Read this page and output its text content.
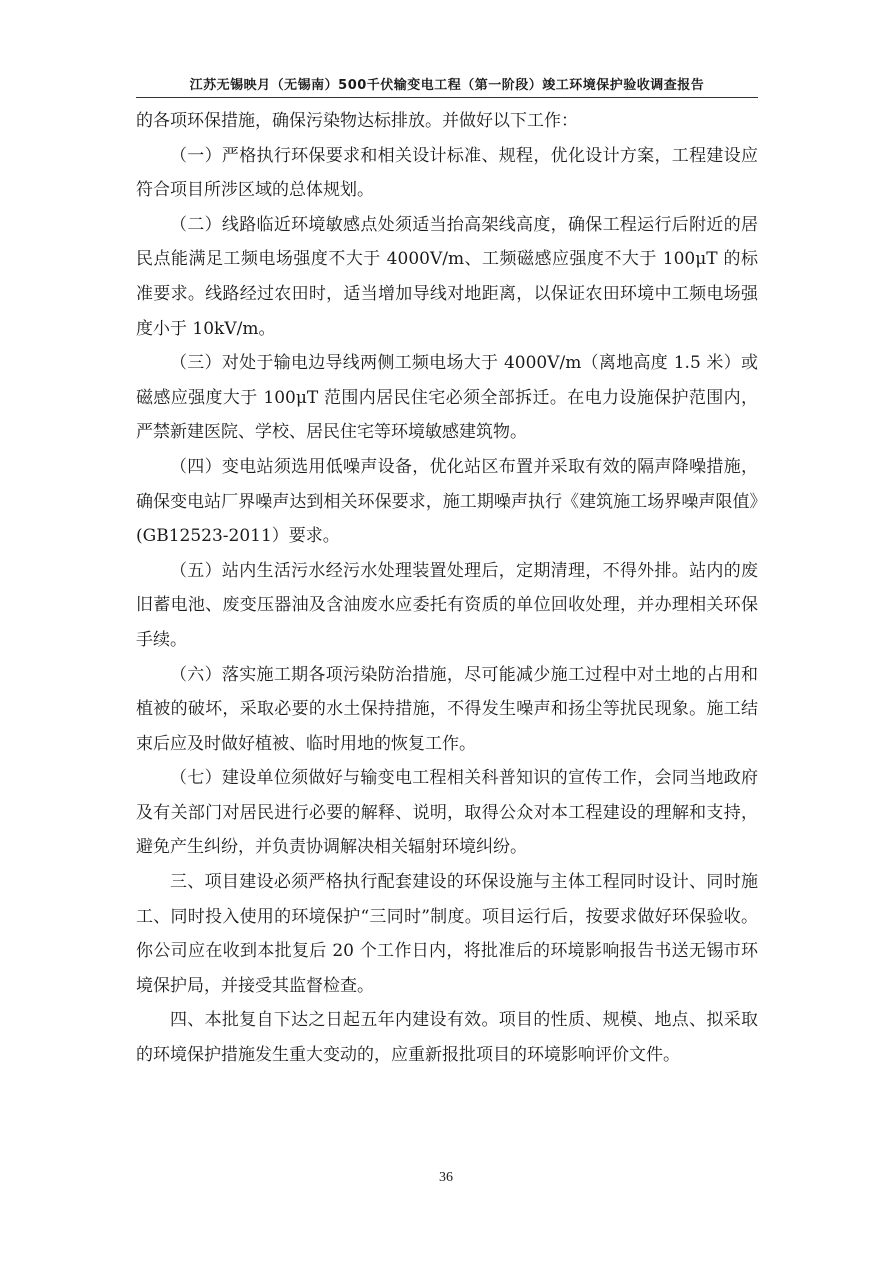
江苏无锡映月（无锡南）500千伏输变电工程（第一阶段）竣工环境保护验收调查报告

的各项环保措施，确保污染物达标排放。并做好以下工作：

（一）严格执行环保要求和相关设计标准、规程，优化设计方案，工程建设应符合项目所涉区域的总体规划。

（二）线路临近环境敏感点处须适当抬高架线高度，确保工程运行后附近的居民点能满足工频电场强度不大于 4000V/m、工频磁感应强度不大于 100μT 的标准要求。线路经过农田时，适当增加导线对地距离，以保证农田环境中工频电场强度小于 10kV/m。

（三）对处于输电边导线两侧工频电场大于 4000V/m（离地高度 1.5 米）或磁感应强度大于 100μT 范围内居民住宅必须全部拆迁。在电力设施保护范围内，严禁新建医院、学校、居民住宅等环境敏感建筑物。

（四）变电站须选用低噪声设备，优化站区布置并采取有效的隔声降噪措施，确保变电站厂界噪声达到相关环保要求，施工期噪声执行《建筑施工场界噪声限值》(GB12523-2011）要求。

（五）站内生活污水经污水处理装置处理后，定期清理，不得外排。站内的废旧蓄电池、废变压器油及含油废水应委托有资质的单位回收处理，并办理相关环保手续。

（六）落实施工期各项污染防治措施，尽可能减少施工过程中对土地的占用和植被的破坏，采取必要的水土保持措施，不得发生噪声和扬尘等扰民现象。施工结束后应及时做好植被、临时用地的恢复工作。

（七）建设单位须做好与输变电工程相关科普知识的宣传工作，会同当地政府及有关部门对居民进行必要的解释、说明，取得公众对本工程建设的理解和支持，避免产生纠纷，并负责协调解决相关辐射环境纠纷。

三、项目建设必须严格执行配套建设的环保设施与主体工程同时设计、同时施工、同时投入使用的环境保护“三同时”制度。项目运行后，按要求做好环保验收。你公司应在收到本批复后 20 个工作日内，将批准后的环境影响报告书送无锡市环境保护局，并接受其监督检查。

四、本批复自下达之日起五年内建设有效。项目的性质、规模、地点、拟采取的环境保护措施发生重大变动的，应重新报批项目的环境影响评价文件。

36
